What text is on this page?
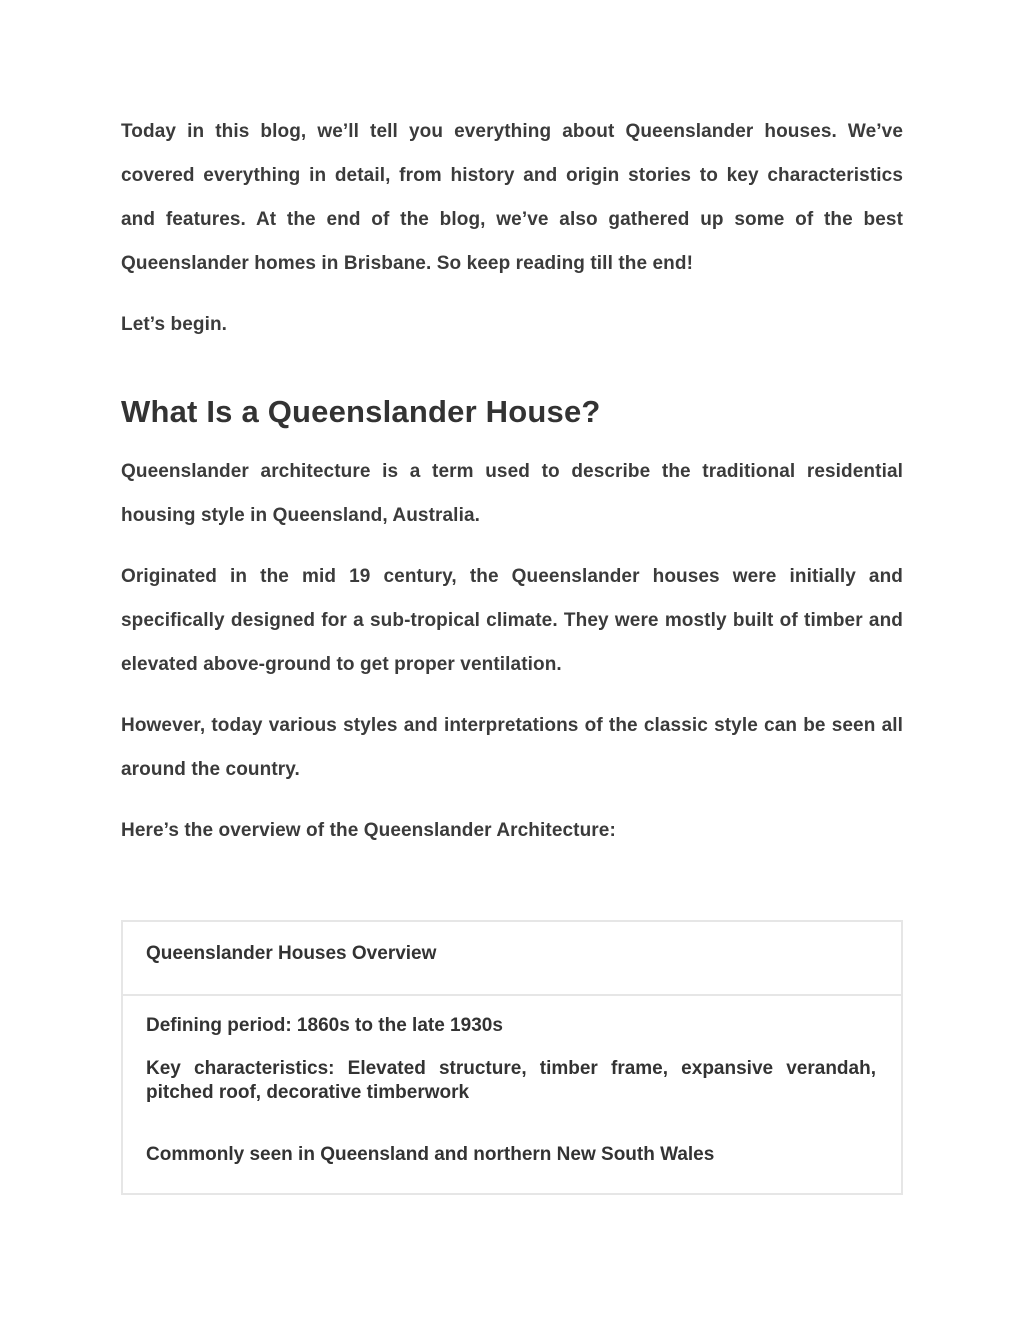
Today in this blog, we’ll tell you everything about Queenslander houses. We’ve covered everything in detail, from history and origin stories to key characteristics and features. At the end of the blog, we’ve also gathered up some of the best Queenslander homes in Brisbane. So keep reading till the end!

Let’s begin.

What Is a Queenslander House?

Queenslander architecture is a term used to describe the traditional residential housing style in Queensland, Australia.

Originated in the mid 19 century, the Queenslander houses were initially and specifically designed for a sub-tropical climate. They were mostly built of timber and elevated above-ground to get proper ventilation.

However, today various styles and interpretations of the classic style can be seen all around the country.

Here’s the overview of the Queenslander Architecture:

Queenslander Houses Overview

Defining period: 1860s to the late 1930s

Key characteristics: Elevated structure, timber frame, expansive verandah, pitched roof, decorative timberwork

Commonly seen in Queensland and northern New South Wales
